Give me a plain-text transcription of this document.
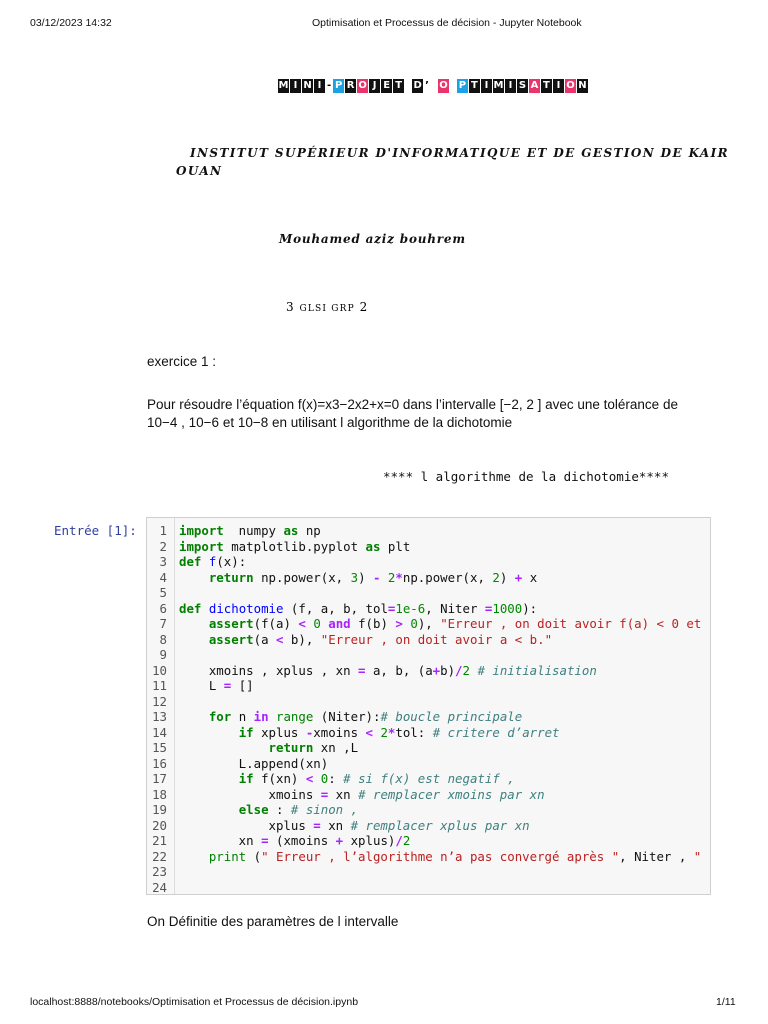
03/12/2023 14:32	Optimisation et Processus de décision - Jupyter Notebook
M I N I - P R O J E T D ’ O P T I M I S A T I O N
INSTITUT SUPÉRIEUR D'INFORMATIQUE ET DE GESTION DE KAIR
OUAN
Mouhamed aziz bouhrem
3 GLSI GRP 2
exercice 1 :
Pour résoudre l’équation f(x)=x3−2x2+x=0 dans l’intervalle [−2, 2 ] avec une tolérance de
10−4 , 10−6 et 10−8 en utilisant l algorithme de la dichotomie
**** l algorithme de la dichotomie****
Entrée [1]:	1 import  numpy as np
2 import matplotlib.pyplot as plt
3 def f(x):
4	return np.power(x, 3) - 2*np.power(x, 2) + x
5
6 def dichotomie (f, a, b, tol=1e-6, Niter =1000):
7	assert(f(a) < 0 and f(b) > 0), "Erreur , on doit avoir f(a) < 0 et
8	assert(a < b), "Erreur , on doit avoir a < b."
9
10    xmoins , xplus , xn = a, b, (a+b)/2 # initialisation
11    L = []
12
13	for n in range (Niter):# boucle principale
14	if xplus -xmoins < 2*tol: # critere d’arret
15	return xn ,L
16        L.append(xn)
17	if f(xn) < 0: # si f(x) est negatif ,
18            xmoins = xn # remplacer xmoins par xn
19	else : # sinon ,
20            xplus = xn # remplacer xplus par xn
21        xn = (xmoins + xplus)/2
22	print (" Erreur , l’algorithme n’a pas convergé après ", Niter , "
23
24
On Définitie des paramètres de l intervalle
localhost:8888/notebooks/Optimisation et Processus de décision.ipynb	1/11
